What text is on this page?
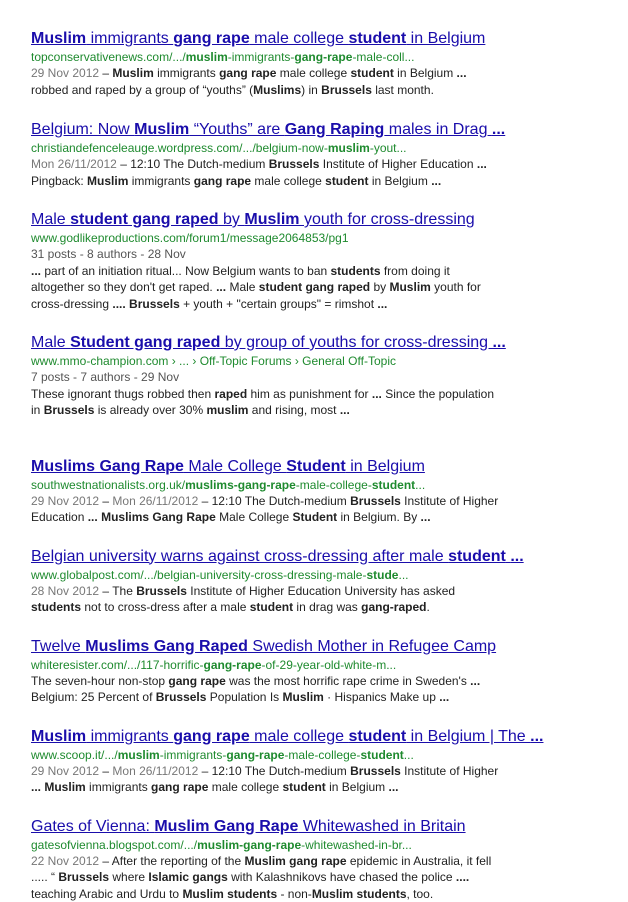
Muslim immigrants gang rape male college student in Belgium
topconservativenews.com/.../muslim-immigrants-gang-rape-male-coll...
29 Nov 2012 – Muslim immigrants gang rape male college student in Belgium ...
robbed and raped by a group of “youths” (Muslims) in Brussels last month.
Belgium: Now Muslim “Youths” are Gang Raping males in Drag ...
christiandefenceleauge.wordpress.com/.../belgium-now-muslim-yout...
Mon 26/11/2012 – 12:10 The Dutch-medium Brussels Institute of Higher Education ...
Pingback: Muslim immigrants gang rape male college student in Belgium ...
Male student gang raped by Muslim youth for cross-dressing
www.godlikeproductions.com/forum1/message2064853/pg1
31 posts - 8 authors - 28 Nov
... part of an initiation ritual... Now Belgium wants to ban students from doing it
altogether so they don't get raped. ... Male student gang raped by Muslim youth for
cross-dressing .... Brussels + youth + "certain groups" = rimshot ...
Male Student gang raped by group of youths for cross-dressing ...
www.mmo-champion.com › ... › Off-Topic Forums › General Off-Topic
7 posts - 7 authors - 29 Nov
These ignorant thugs robbed then raped him as punishment for ... Since the population
in Brussels is already over 30% muslim and rising, most ...
Muslims Gang Rape Male College Student in Belgium
southwestnationalists.org.uk/muslims-gang-rape-male-college-student...
29 Nov 2012 – Mon 26/11/2012 – 12:10 The Dutch-medium Brussels Institute of Higher
Education ... Muslims Gang Rape Male College Student in Belgium. By ...
Belgian university warns against cross-dressing after male student ...
www.globalpost.com/.../belgian-university-cross-dressing-male-stude...
28 Nov 2012 – The Brussels Institute of Higher Education University has asked
students not to cross-dress after a male student in drag was gang-raped.
Twelve Muslims Gang Raped Swedish Mother in Refugee Camp
whiteresister.com/.../117-horrific-gang-rape-of-29-year-old-white-m...
The seven-hour non-stop gang rape was the most horrific rape crime in Sweden's ...
Belgium: 25 Percent of Brussels Population Is Muslim · Hispanics Make up ...
Muslim immigrants gang rape male college student in Belgium | The ...
www.scoop.it/.../muslim-immigrants-gang-rape-male-college-student...
29 Nov 2012 – Mon 26/11/2012 – 12:10 The Dutch-medium Brussels Institute of Higher
... Muslim immigrants gang rape male college student in Belgium ...
Gates of Vienna: Muslim Gang Rape Whitewashed in Britain
gatesofvienna.blogspot.com/.../muslim-gang-rape-whitewashed-in-br...
22 Nov 2012 – After the reporting of the Muslim gang rape epidemic in Australia, it fell
..... “ Brussels where Islamic gangs with Kalashnikovs have chased the police ....
teaching Arabic and Urdu to Muslim students - non-Muslim students, too.
